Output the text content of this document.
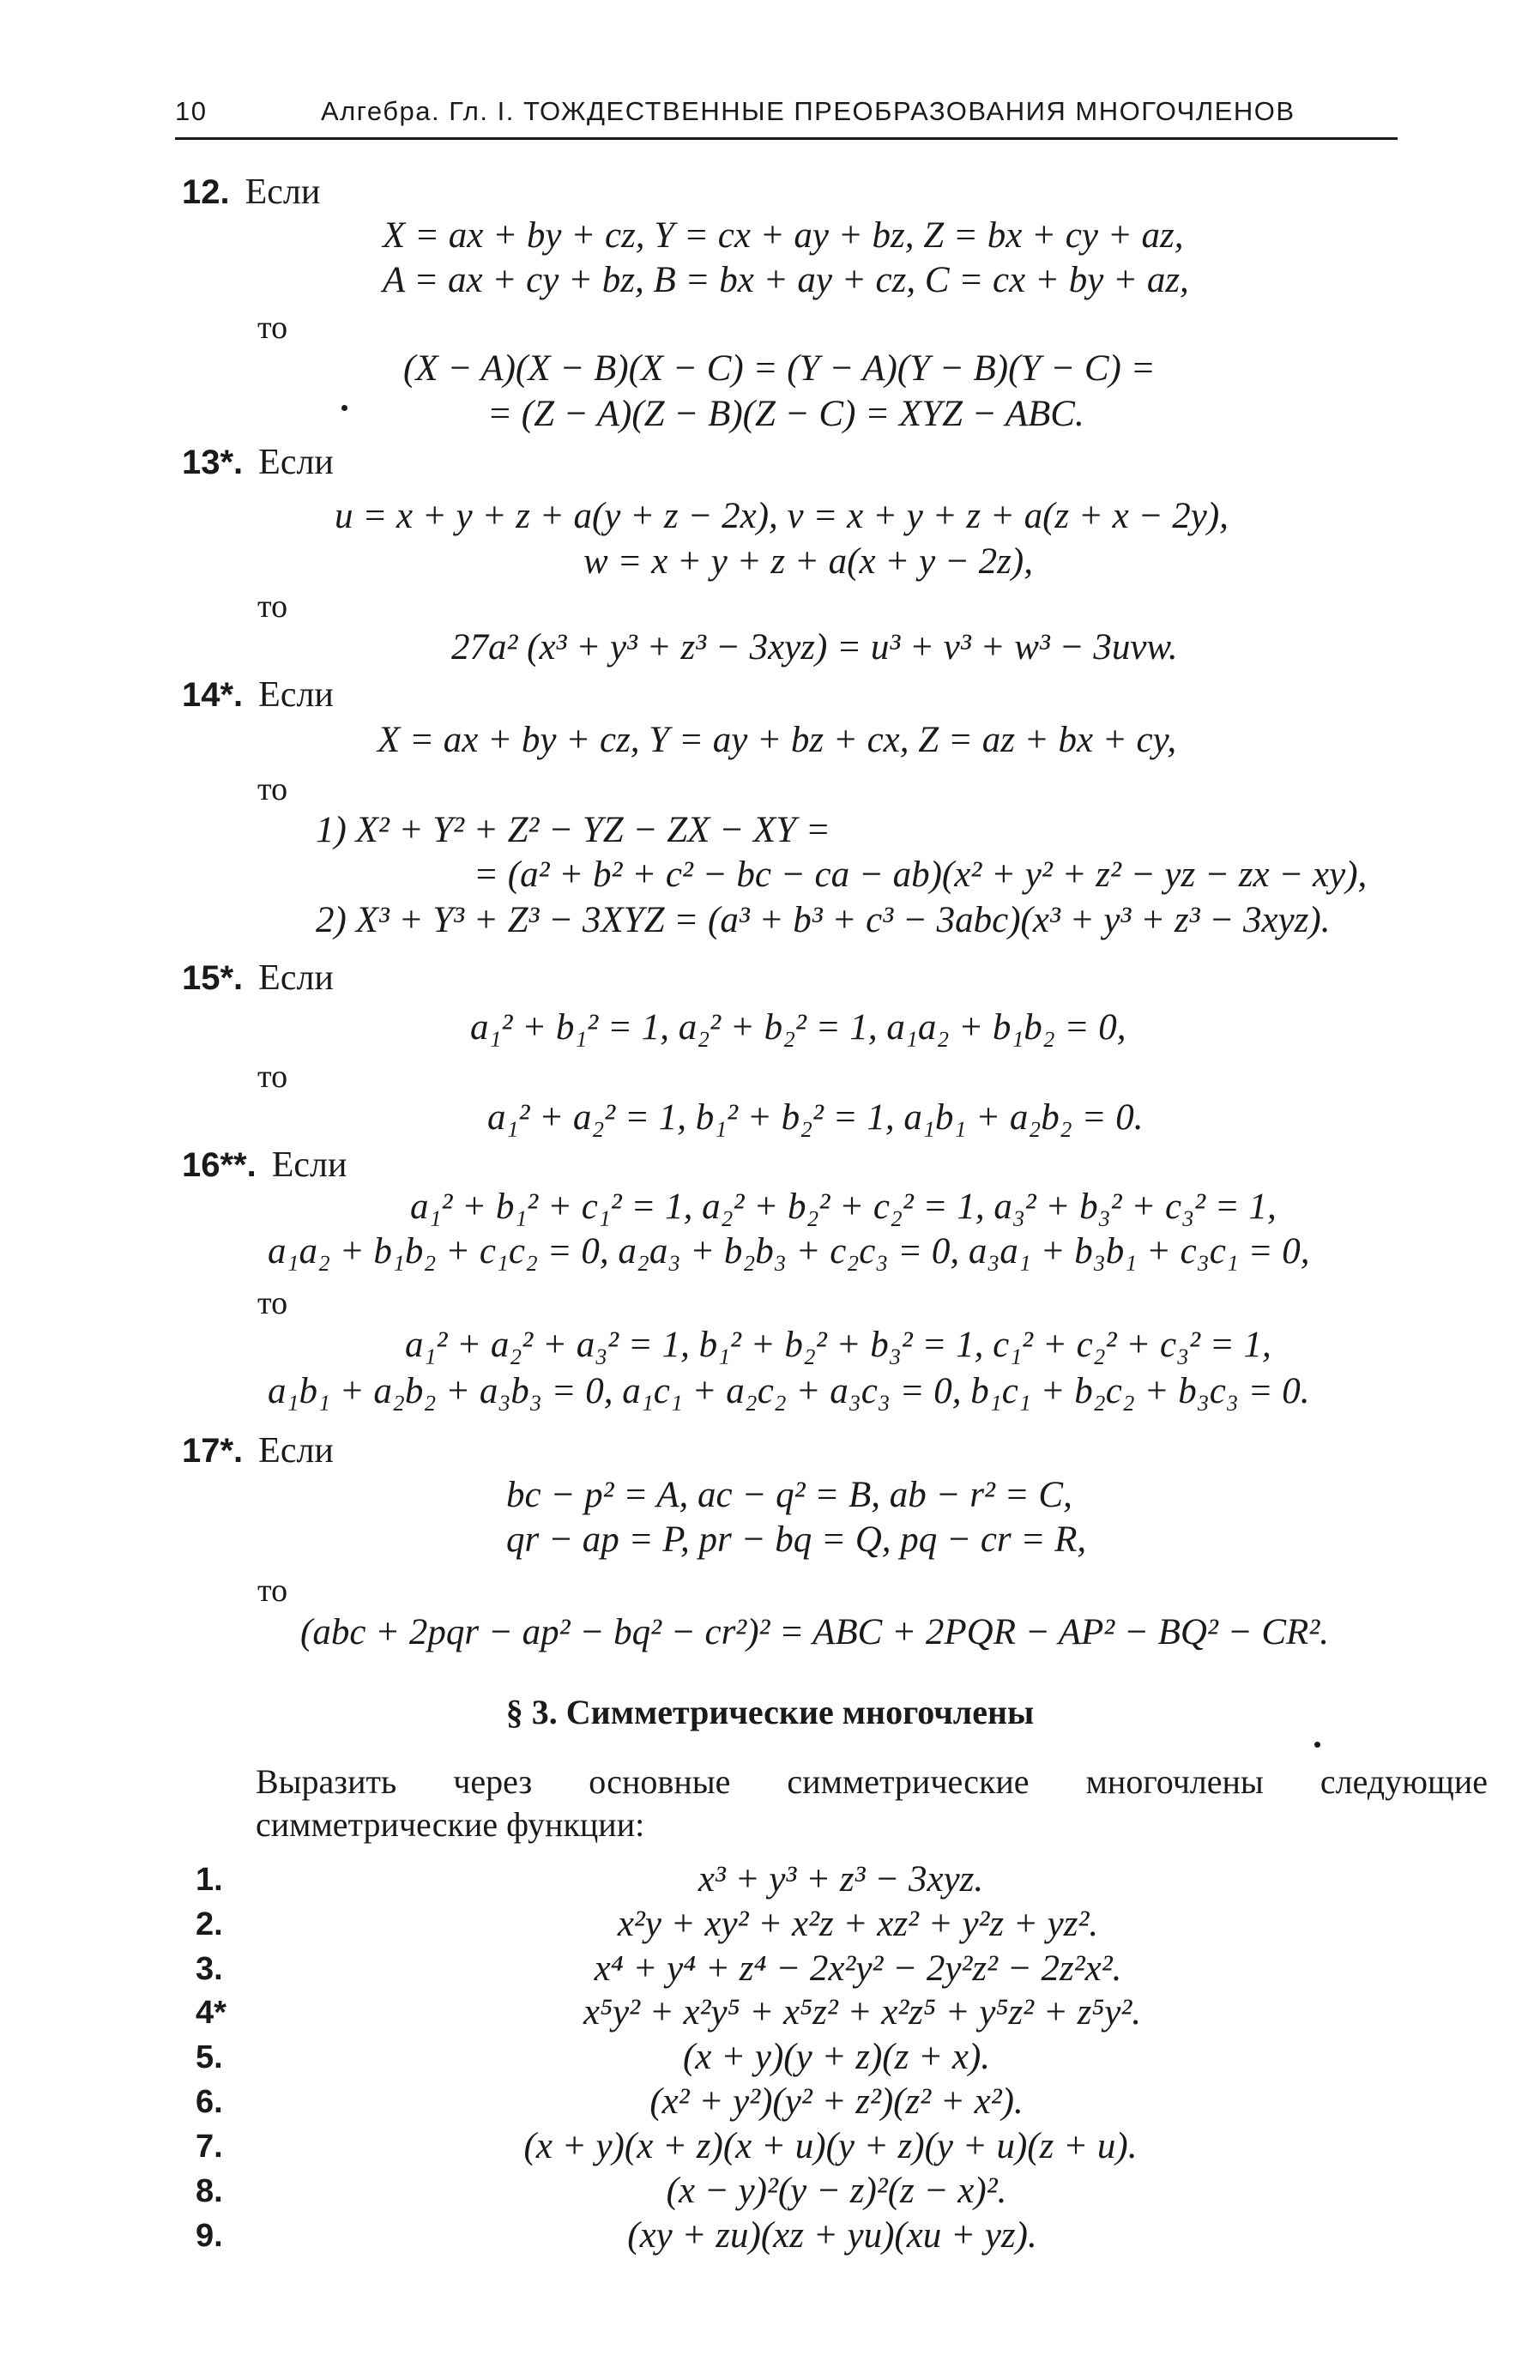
10	Алгебра. Гл. I. ТОЖДЕСТВЕННЫЕ ПРЕОБРАЗОВАНИЯ МНОГОЧЛЕНОВ
12. Если
X = ax + by + cz, Y = cx + ay + bz, Z = bx + cy + az,
A = ax + cy + bz, B = bx + ay + cz, C = cx + by + az,
то
(X − A)(X − B)(X − C) = (Y − A)(Y − B)(Y − C) =
= (Z − A)(Z − B)(Z − C) = XYZ − ABC.
13*. Если
u = x + y + z + a(y + z − 2x), v = x + y + z + a(z + x − 2y),
w = x + y + z + a(x + y − 2z),
то
27a² (x³ + y³ + z³ − 3xyz) = u³ + v³ + w³ − 3uvw.
14*. Если
X = ax + by + cz, Y = ay + bz + cx, Z = az + bx + cy,
то
1) X² + Y² + Z² − YZ − ZX − XY =
= (a² + b² + c² − bc − ca − ab)(x² + y² + z² − yz − zx − xy),
2) X³ + Y³ + Z³ − 3XYZ = (a³ + b³ + c³ − 3abc)(x³ + y³ + z³ − 3xyz).
15*. Если
a₁² + b₁² = 1, a₂² + b₂² = 1, a₁a₂ + b₁b₂ = 0,
то
a₁² + a₂² = 1, b₁² + b₂² = 1, a₁b₁ + a₂b₂ = 0.
16**. Если
a₁² + b₁² + c₁² = 1, a₂² + b₂² + c₂² = 1, a₃² + b₃² + c₃² = 1,
a₁a₂ + b₁b₂ + c₁c₂ = 0, a₂a₃ + b₂b₃ + c₂c₃ = 0, a₃a₁ + b₃b₁ + c₃c₁ = 0,
то
a₁² + a₂² + a₃² = 1, b₁² + b₂² + b₃² = 1, c₁² + c₂² + c₃² = 1,
a₁b₁ + a₂b₂ + a₃b₃ = 0, a₁c₁ + a₂c₂ + a₃c₃ = 0, b₁c₁ + b₂c₂ + b₃c₃ = 0.
17*. Если
bc − p² = A, ac − q² = B, ab − r² = C,
qr − ap = P, pr − bq = Q, pq − cr = R,
то
(abc + 2pqr − ap² − bq² − cr²)² = ABC + 2PQR − AP² − BQ² − CR².
§ 3. Симметрические многочлены
Выразить через основные симметрические многочлены следующие симметрические функции:
1.	x³ + y³ + z³ − 3xyz.
2.	x²y + xy² + x²z + xz² + y²z + yz².
3.	x⁴ + y⁴ + z⁴ − 2x²y² − 2y²z² − 2z²x².
4*	x⁵y² + x²y⁵ + x⁵z² + x²z⁵ + y⁵z² + z⁵y².
5.	(x + y)(y + z)(z + x).
6.	(x² + y²)(y² + z²)(z² + x²).
7.	(x + y)(x + z)(x + u)(y + z)(y + u)(z + u).
8.	(x − y)²(y − z)²(z − x)².
9.	(xy + zu)(xz + yu)(xu + yz).
